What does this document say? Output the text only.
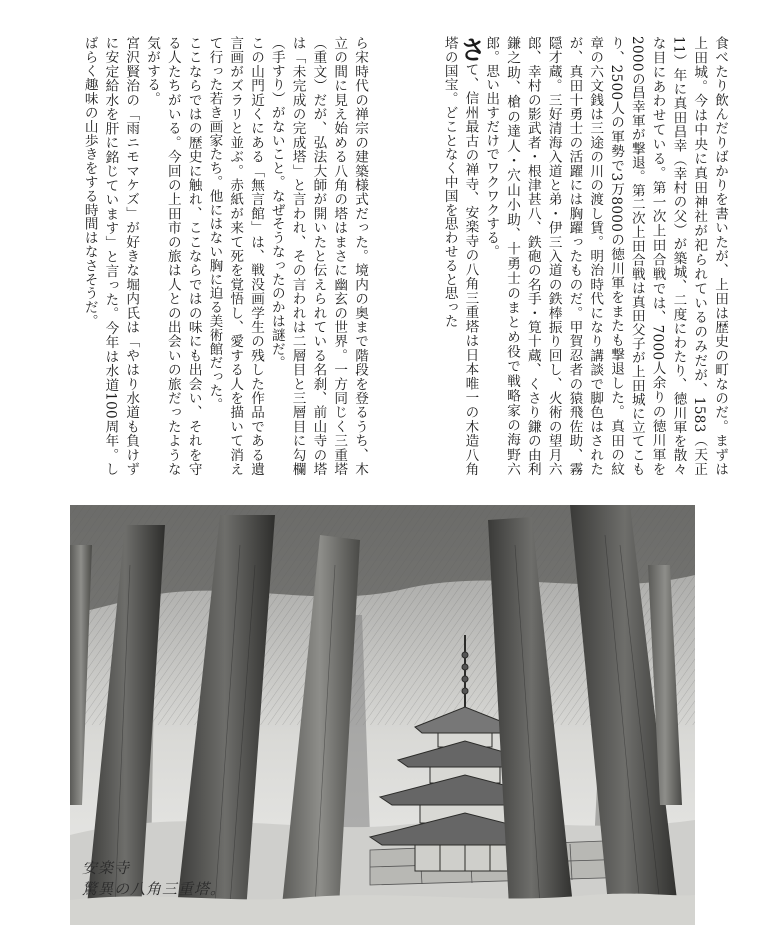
食べたり飲んだりばかりを書いたが、上田は歴史の町なのだ。まずは上田城。今は中央に真田神社が祀られているのみだが、1583（天正11）年に真田昌幸（幸村の父）が築城、二度にわたり、徳川軍を散々な目にあわせている。第一次上田合戦では、7000人余りの徳川軍を2000の昌幸軍が撃退。第二次上田合戦は真田父子が上田城に立てこもり、2500人の軍勢で3万8000の徳川軍をまたも撃退した。真田の紋章の六文銭は三途の川の渡し賃。明治時代になり講談で脚色はされたが、真田十勇士の活躍には胸躍ったものだ。甲賀忍者の猿飛佐助、霧隠才蔵。三好清海入道と弟・伊三入道の鉄棒振り回し、火術の望月六郎、幸村の影武者・根津甚八、鉄砲の名手・筧十蔵、くさり鎌の由利鎌之助、槍の達人・穴山小助、十勇士のまとめ役で戦略家の海野六郎。思い出すだけでワクワクする。

さて、信州最古の禅寺、安楽寺の八角三重塔は日本唯一の木造八角塔の国宝。どことなく中国を思わせると思った

ら宋時代の禅宗の建築様式だった。境内の奥まで階段を登るうち、木立の間に見え始める八角の塔はまさに幽玄の世界。一方同じく三重塔（重文）だが、弘法大師が開いたと伝えられている名刹、前山寺の塔は「未完成の完成塔」と言われ、その言われは二層目と三層目に勾欄（手すり）がないこと。なぜそうなったのかは謎だ。

この山門近くにある「無言館」は、戦没画学生の残した作品である遺言画がズラリと並ぶ。赤紙が来て死を覚悟し、愛する人を描いて消えて行った若き画家たち。他にはない胸に迫る美術館だった。

ここならではの歴史に触れ、ここならではの味にも出会い、それを守る人たちがいる。今回の上田市の旅は人との出会いの旅だったような気がする。

宮沢賢治の「雨ニモマケズ」が好きな堀内氏は「やはり水道も負けずに安定給水を肝に銘じています」と言った。今年は水道100周年。しばらく趣味の山歩きをする時間はなさそうだ。

安楽寺
驚異の八角三重塔。
